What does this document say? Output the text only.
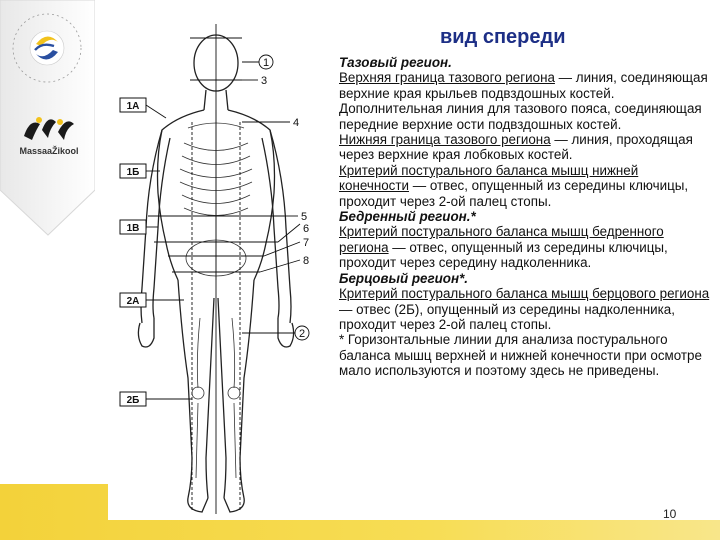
MassaaŽikool
вид спереди
1А
1Б
1В
2А
2Б
1
3
4
5
6
7
8
2

Тазовый регион.

Верхняя граница тазового региона — линия, соединяющая верхние края крыльев подвздошных костей.

Дополнительная линия для тазового пояса, соединяющая передние верхние ости подвздошных костей.

Нижняя граница тазового региона — линия, проходящая через верхние края лобковых костей.

Критерий постурального баланса мышц нижней конечности — отвес, опущенный из середины ключицы, проходит через 2-ой палец стопы.

Бедренный регион.*

Критерий постурального баланса мышц бедренного региона — отвес, опущенный из середины ключицы, проходит через середину надколенника.

Берцовый регион*.

Критерий постурального баланса мышц берцового региона — отвес (2Б), опущенный из середины надколенника, проходит через 2-ой палец стопы.

* Горизонтальные линии для анализа постурального баланса мышц верхней и нижней конечности при осмотре мало используются и поэтому здесь не приведены.

10
